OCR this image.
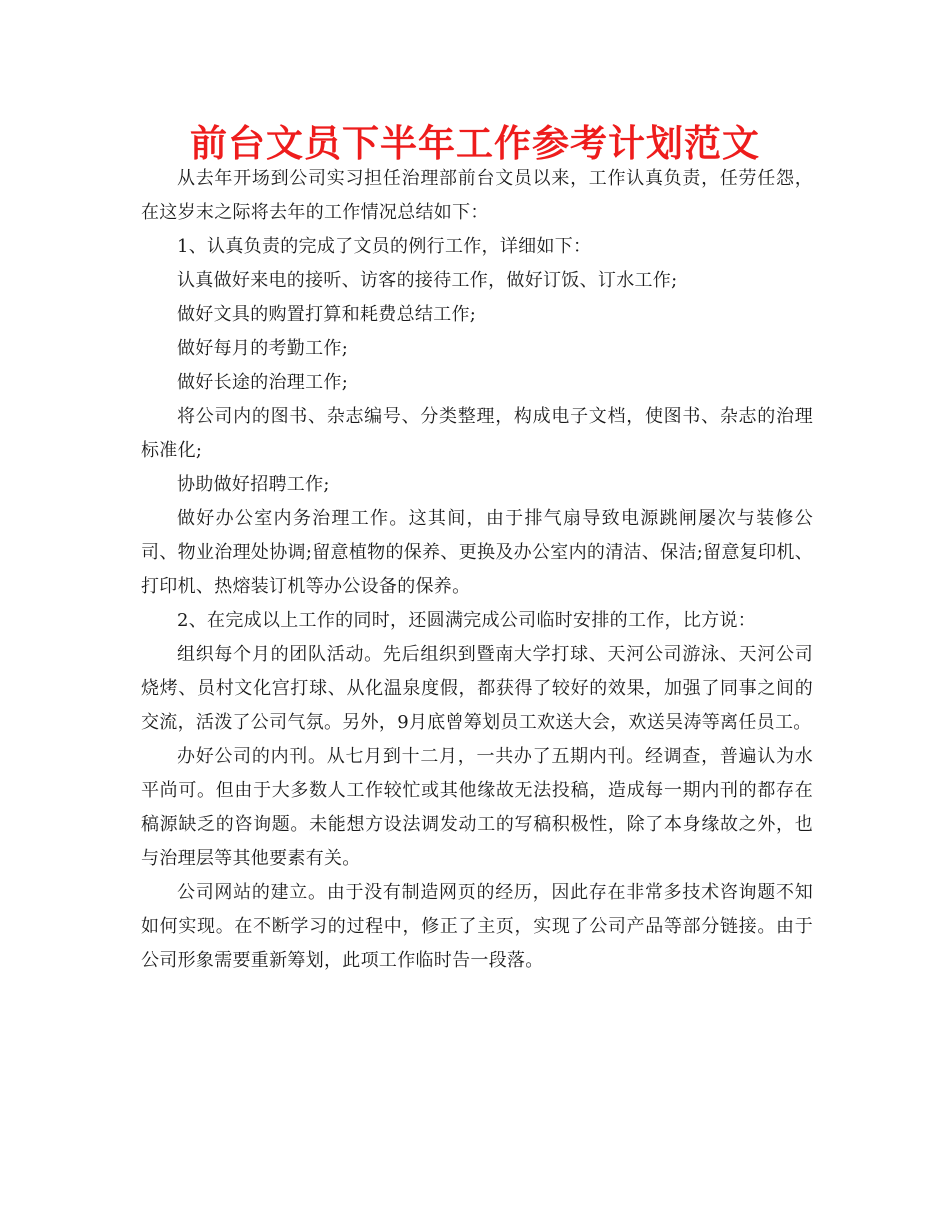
前台文员下半年工作参考计划范文

从去年开场到公司实习担任治理部前台文员以来，工作认真负责，任劳任怨，在这岁末之际将去年的工作情况总结如下：

1、认真负责的完成了文员的例行工作，详细如下：

认真做好来电的接听、访客的接待工作，做好订饭、订水工作;

做好文具的购置打算和耗费总结工作;

做好每月的考勤工作;

做好长途的治理工作;

将公司内的图书、杂志编号、分类整理，构成电子文档，使图书、杂志的治理标准化;

协助做好招聘工作;

做好办公室内务治理工作。这其间，由于排气扇导致电源跳闸屡次与装修公司、物业治理处协调;留意植物的保养、更换及办公室内的清洁、保洁;留意复印机、打印机、热熔装订机等办公设备的保养。

2、在完成以上工作的同时，还圆满完成公司临时安排的工作，比方说：

组织每个月的团队活动。先后组织到暨南大学打球、天河公司游泳、天河公司烧烤、员村文化宫打球、从化温泉度假，都获得了较好的效果，加强了同事之间的交流，活泼了公司气氛。另外，9月底曾筹划员工欢送大会，欢送吴涛等离任员工。

办好公司的内刊。从七月到十二月，一共办了五期内刊。经调查，普遍认为水平尚可。但由于大多数人工作较忙或其他缘故无法投稿，造成每一期内刊的都存在稿源缺乏的咨询题。未能想方设法调发动工的写稿积极性，除了本身缘故之外，也与治理层等其他要素有关。

公司网站的建立。由于没有制造网页的经历，因此存在非常多技术咨询题不知如何实现。在不断学习的过程中，修正了主页，实现了公司产品等部分链接。由于公司形象需要重新筹划，此项工作临时告一段落。
